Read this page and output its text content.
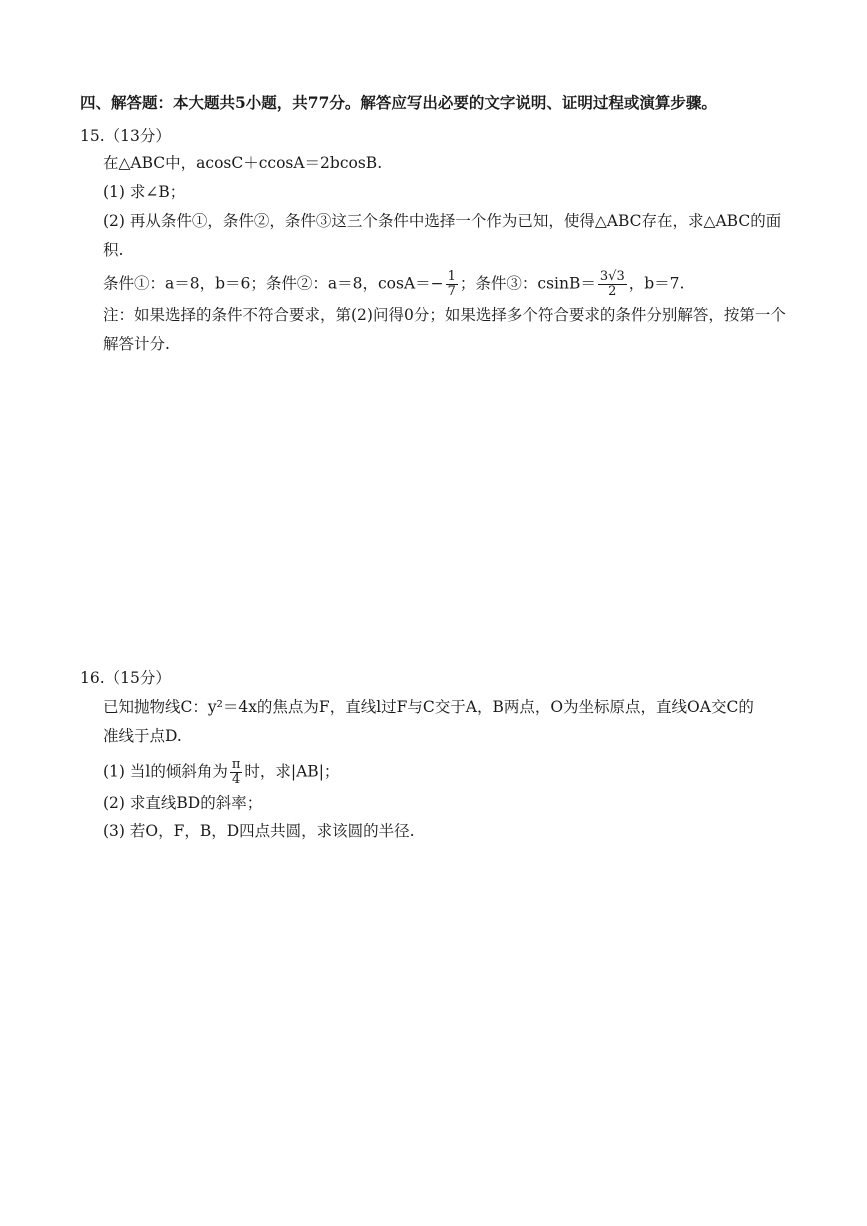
四、解答题：本大题共5小题，共77分。解答应写出必要的文字说明、证明过程或演算步骤。
15.（13分）
在△ABC中，acosC＋ccosA＝2bcosB.
(1) 求∠B；
(2) 再从条件①，条件②，条件③这三个条件中选择一个作为已知，使得△ABC存在，求△ABC的面
积.
条件①：a＝8，b＝6；条件②：a＝8，$\cos A=- \frac{1}{7}$ ；条件③：$csinB= \frac{3√3}{2}$ ，b＝7.
注：如果选择的条件不符合要求，第(2)问得0分；如果选择多个符合要求的条件分别解答，按第一个
解答计分.
16.（15分）
已知抛物线C：y²＝4x的焦点为F，直线l过F与C交于A，B两点，O为坐标原点，直线OA交C的
准线于点D.
(1) 当l的倾斜角为 $\frac{\pi}{4}$ 时，求|AB|；
(2) 求直线BD的斜率；
(3) 若O，F，B，D四点共圆，求该圆的半径.
